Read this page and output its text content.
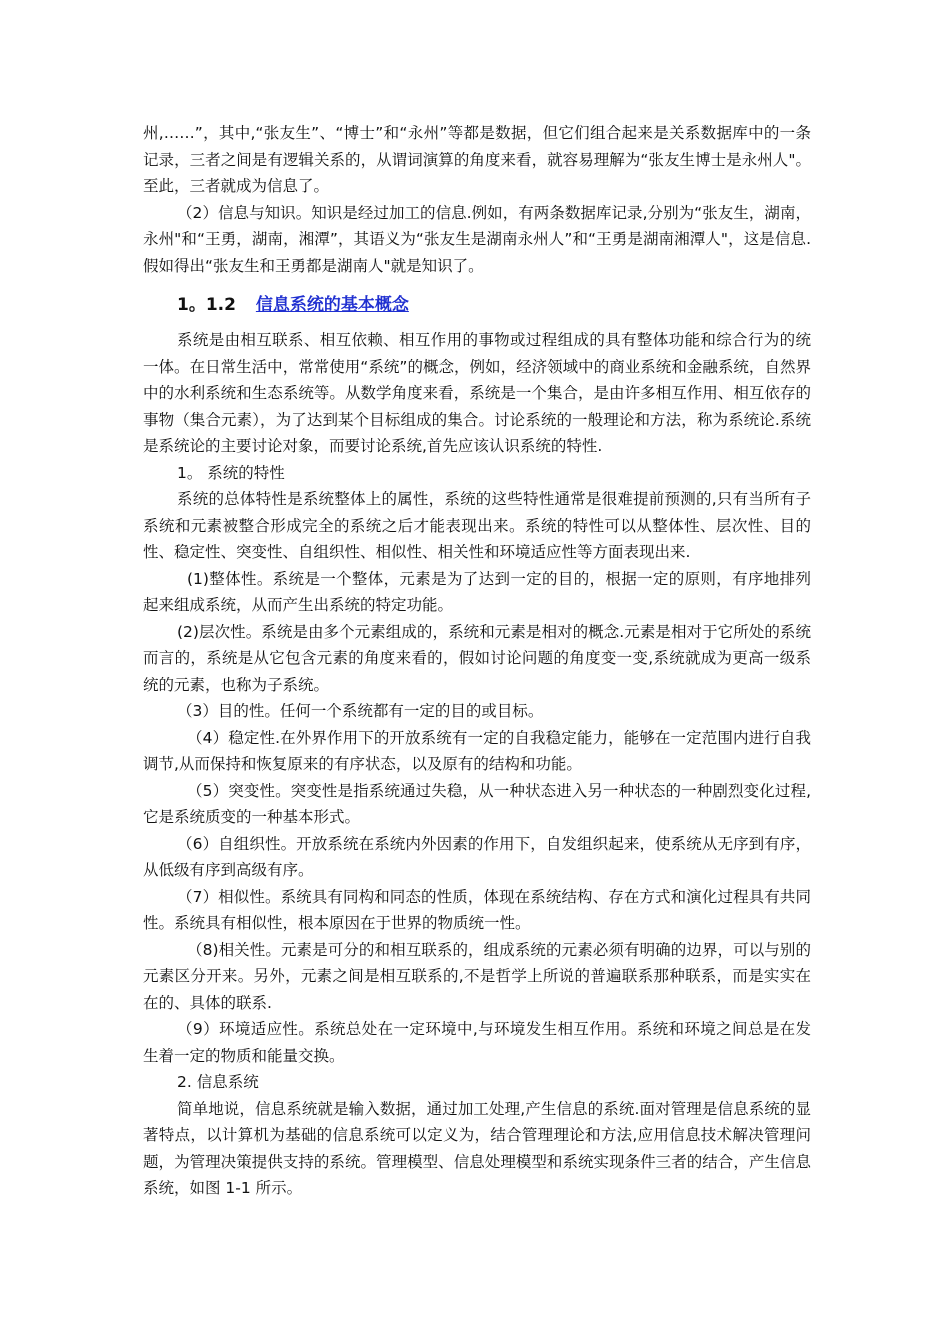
州,……”，其中,“张友生”、“博士”和“永州”等都是数据，但它们组合起来是关系数据库中的一条记录，三者之间是有逻辑关系的，从谓词演算的角度来看，就容易理解为“张友生博士是永州人"。至此，三者就成为信息了。

（2）信息与知识。知识是经过加工的信息.例如，有两条数据库记录,分别为“张友生，湖南，永州"和“王勇，湖南，湘潭”，其语义为“张友生是湖南永州人”和“王勇是湖南湘潭人"，这是信息.假如得出“张友生和王勇都是湖南人"就是知识了。

1。1.2 信息系统的基本概念

系统是由相互联系、相互依赖、相互作用的事物或过程组成的具有整体功能和综合行为的统一体。在日常生活中，常常使用“系统”的概念，例如，经济领域中的商业系统和金融系统，自然界中的水利系统和生态系统等。从数学角度来看，系统是一个集合，是由许多相互作用、相互依存的事物（集合元素），为了达到某个目标组成的集合。讨论系统的一般理论和方法，称为系统论.系统是系统论的主要讨论对象，而要讨论系统,首先应该认识系统的特性.

1。 系统的特性

系统的总体特性是系统整体上的属性，系统的这些特性通常是很难提前预测的,只有当所有子系统和元素被整合形成完全的系统之后才能表现出来。系统的特性可以从整体性、层次性、目的性、稳定性、突变性、自组织性、相似性、相关性和环境适应性等方面表现出来.

(1)整体性。系统是一个整体，元素是为了达到一定的目的，根据一定的原则，有序地排列起来组成系统，从而产生出系统的特定功能。

(2)层次性。系统是由多个元素组成的，系统和元素是相对的概念.元素是相对于它所处的系统而言的，系统是从它包含元素的角度来看的，假如讨论问题的角度变一变,系统就成为更高一级系统的元素，也称为子系统。

（3）目的性。任何一个系统都有一定的目的或目标。

（4）稳定性.在外界作用下的开放系统有一定的自我稳定能力，能够在一定范围内进行自我调节,从而保持和恢复原来的有序状态，以及原有的结构和功能。

（5）突变性。突变性是指系统通过失稳，从一种状态进入另一种状态的一种剧烈变化过程,它是系统质变的一种基本形式。

（6）自组织性。开放系统在系统内外因素的作用下，自发组织起来，使系统从无序到有序，从低级有序到高级有序。

（7）相似性。系统具有同构和同态的性质，体现在系统结构、存在方式和演化过程具有共同性。系统具有相似性，根本原因在于世界的物质统一性。

（8)相关性。元素是可分的和相互联系的，组成系统的元素必须有明确的边界，可以与别的元素区分开来。另外，元素之间是相互联系的,不是哲学上所说的普遍联系那种联系，而是实实在在的、具体的联系.

（9）环境适应性。系统总处在一定环境中,与环境发生相互作用。系统和环境之间总是在发生着一定的物质和能量交换。

2. 信息系统

简单地说，信息系统就是输入数据，通过加工处理,产生信息的系统.面对管理是信息系统的显著特点，以计算机为基础的信息系统可以定义为，结合管理理论和方法,应用信息技术解决管理问题，为管理决策提供支持的系统。管理模型、信息处理模型和系统实现条件三者的结合，产生信息系统，如图 1-1 所示。
